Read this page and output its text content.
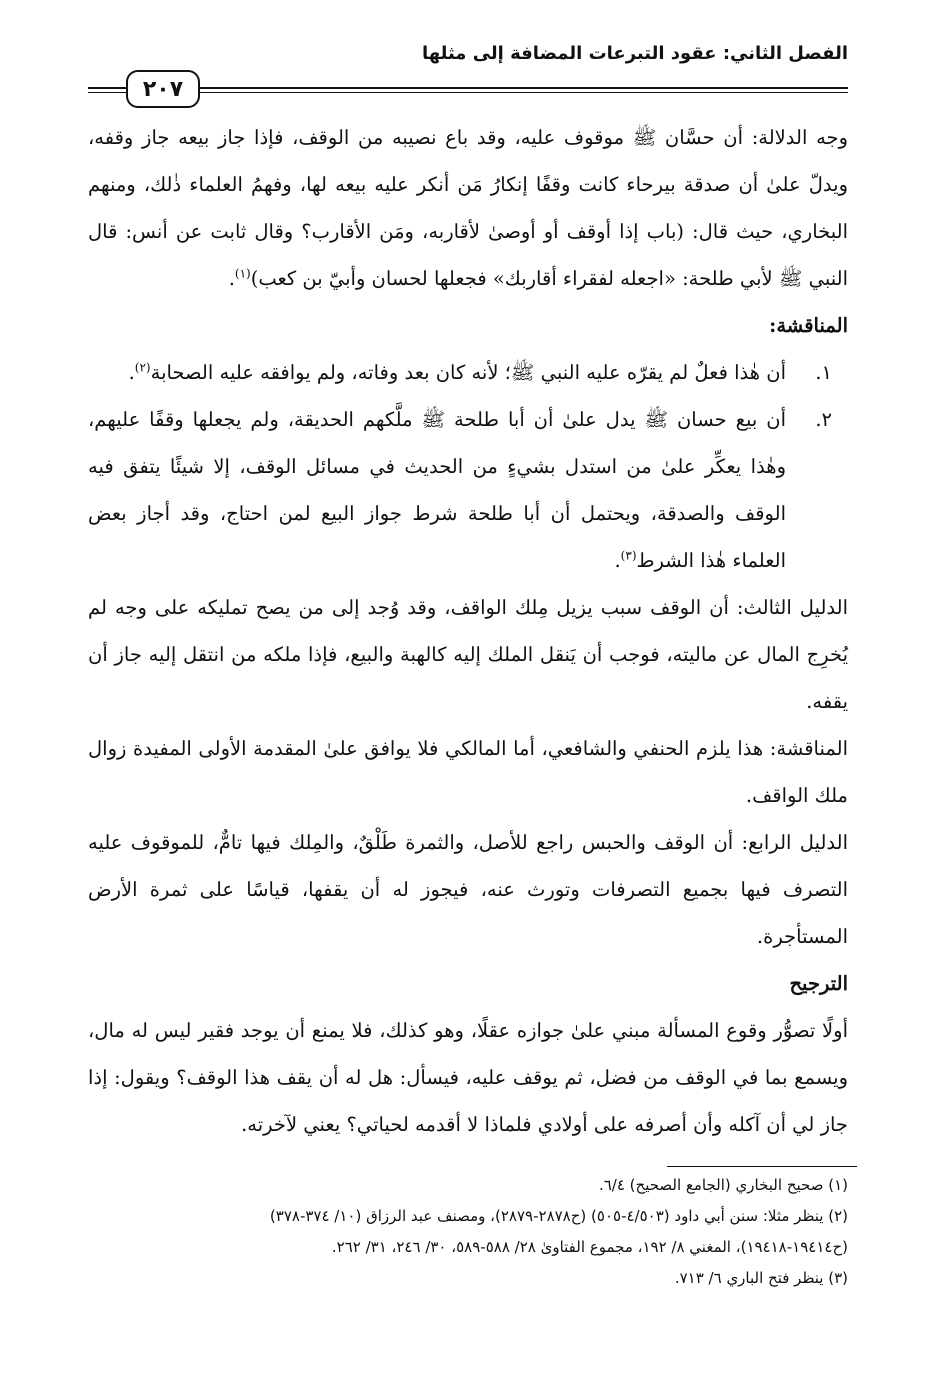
الفصل الثاني: عقود التبرعات المضافة إلى مثلها
٢٠٧

وجه الدلالة: أن حسَّان ﷺ موقوف عليه، وقد باع نصيبه من الوقف، فإذا جاز بيعه جاز وقفه، ويدلّ علىٰ أن صدقة بيرحاء كانت وقفًا إنكارُ مَن أنكر عليه بيعه لها، وفهمُ العلماء ذٰلك، ومنهم البخاري، حيث قال: (باب إذا أوقف أو أوصىٰ لأقاربه، ومَن الأقارب؟ وقال ثابت عن أنس: قال النبي ﷺ لأبي طلحة: «اجعله لفقراء أقاربك» فجعلها لحسان وأبيّ بن كعب)$^{(١)}$.

المناقشة:

١.
أن هٰذا فعلٌ لم يقرّه عليه النبي ﷺ؛ لأنه كان بعد وفاته، ولم يوافقه عليه الصحابة$^{(٢)}$.
٢.
أن بيع حسان ﷺ يدل علىٰ أن أبا طلحة ﷺ ملَّكهم الحديقة، ولم يجعلها وقفًا عليهم، وهٰذا يعكِّر علىٰ من استدل بشيءٍ من الحديث في مسائل الوقف، إلا شيئًا يتفق فيه الوقف والصدقة، ويحتمل أن أبا طلحة شرط جواز البيع لمن احتاج، وقد أجاز بعض العلماء هٰذا الشرط$^{(٣)}$.

الدليل الثالث: أن الوقف سبب يزيل مِلك الواقف، وقد وُجد إلى من يصح تمليكه على وجه لم يُخرِج المال عن ماليته، فوجب أن يَنقل الملك إليه كالهبة والبيع، فإذا ملكه من انتقل إليه جاز أن يقفه.

المناقشة: هذا يلزم الحنفي والشافعي، أما المالكي فلا يوافق علىٰ المقدمة الأولى المفيدة زوال ملك الواقف.

الدليل الرابع: أن الوقف والحبس راجع للأصل، والثمرة طَلْقٌ، والمِلك فيها تامٌّ، للموقوف عليه التصرف فيها بجميع التصرفات وتورث عنه، فيجوز له أن يقفها، قياسًا على ثمرة الأرض المستأجرة.

الترجيح

أولًا تصوُّر وقوع المسألة مبني علىٰ جوازه عقلًا، وهو كذلك، فلا يمنع أن يوجد فقير ليس له مال، ويسمع بما في الوقف من فضل، ثم يوقف عليه، فيسأل: هل له أن يقف هذا الوقف؟ ويقول: إذا جاز لي أن آكله وأن أصرفه على أولادي فلماذا لا أقدمه لحياتي؟ يعني لآخرته.

(١) صحيح البخاري (الجامع الصحيح) ٦/٤.

(٢) ينظر مثلا: سنن أبي داود (٤/٥٠٣-٥٠٥) (ح٢٨٧٨-٢٨٧٩)، ومصنف عبد الرزاق (١٠/ ٣٧٤-٣٧٨)

(ح١٩٤١٤-١٩٤١٨)، المغني ٨/ ١٩٢، مجموع الفتاوىٰ ٢٨/ ٥٨٨-٥٨٩، ٣٠/ ٢٤٦، ٣١/ ٢٦٢.

(٣) ينظر فتح الباري ٦/ ٧١٣.
